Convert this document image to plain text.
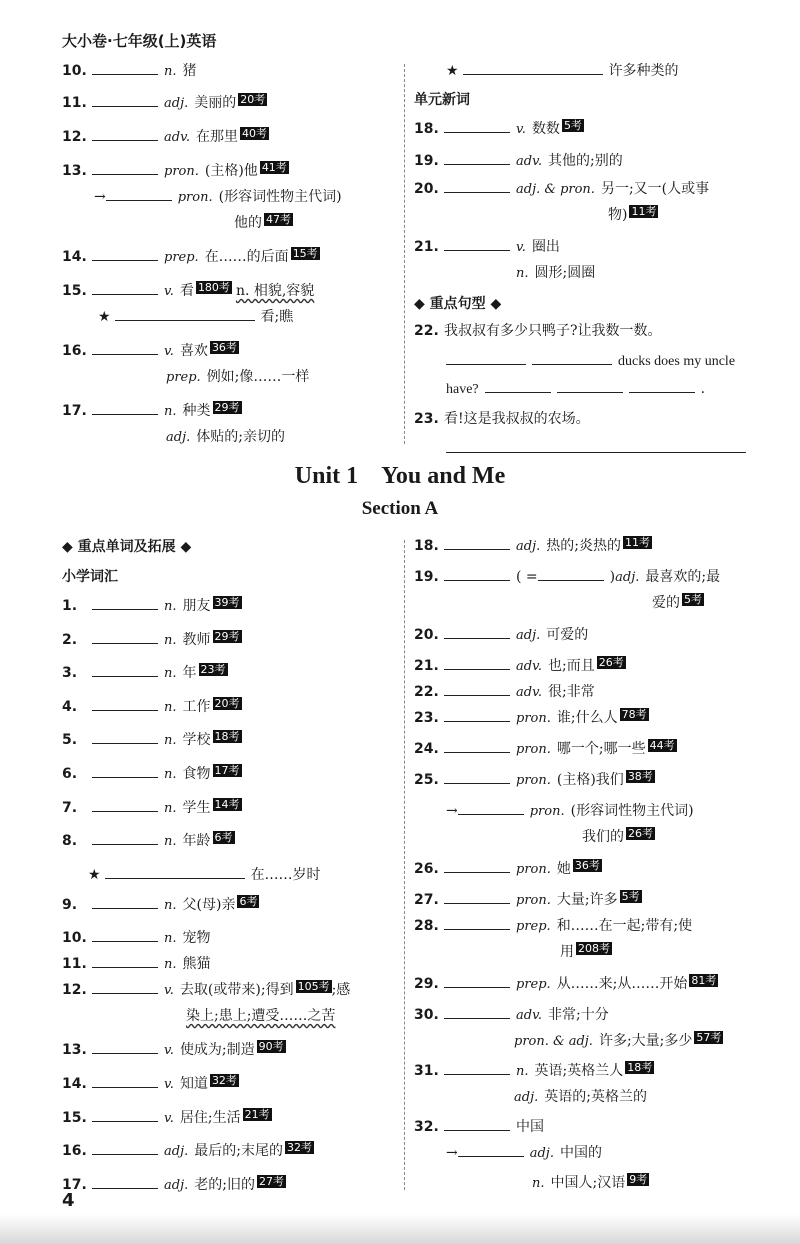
大小卷·七年级(上)英语
10.	n. 猪
11.	adj. 美丽的 20考
12.	adv. 在那里 40考
13.	pron. (主格)他 41考
→	pron. (形容词性物主代词)
他的 47考
14.	prep. 在……的后面 15考
15.	v. 看 180考 n. 相貌,容貌
★	看;瞧
16.	v. 喜欢 36考
prep. 例如;像……一样
17.	n. 种类 29考
adj. 体贴的;亲切的
★	许多种类的
单元新词
18.	v. 数数 5考
19.	adv. 其他的;别的
20.	adj. & pron. 另一;又一(人或事
物) 11考
21.	v. 圈出
n. 圆形;圆圈
◆ 重点句型 ◆
22. 我叔叔有多少只鸭子?让我数一数。
ducks does my uncle
have?	.
23. 看!这是我叔叔的农场。
Unit 1    You and Me
Section A
◆ 重点单词及拓展 ◆
小学词汇
1.	n. 朋友 39考
2.	n. 教师 29考
3.	n. 年 23考
4.	n. 工作 20考
5.	n. 学校 18考
6.	n. 食物 17考
7.	n. 学生 14考
8.	n. 年龄 6考
★	在……岁时
9.	n. 父(母)亲 6考
10.	n. 宠物
11.	n. 熊猫
12.	v. 去取(或带来);得到 105考 ;感
染上;患上;遭受……之苦
13.	v. 使成为;制造 90考
14.	v. 知道 32考
15.	v. 居住;生活 21考
16.	adj. 最后的;末尾的 32考
17.	adj. 老的;旧的 27考
18.	adj. 热的;炎热的 11考
19.	( =	)adj. 最喜欢的;最
爱的 5考
20.	adj. 可爱的
21.	adv. 也;而且 26考
22.	adv. 很;非常
23.	pron. 谁;什么人 78考
24.	pron. 哪一个;哪一些 44考
25.	pron. (主格)我们 38考
→	pron. (形容词性物主代词)
我们的 26考
26.	pron. 她 36考
27.	pron. 大量;许多 5考
28.	prep. 和……在一起;带有;使
用 208考
29.	prep. 从……来;从……开始 81考
30.	adv. 非常;十分
pron. & adj. 许多;大量;多少 57考
31.	n. 英语;英格兰人 18考
adj. 英语的;英格兰的
32.	中国
→	adj. 中国的
n. 中国人;汉语 9考
4
